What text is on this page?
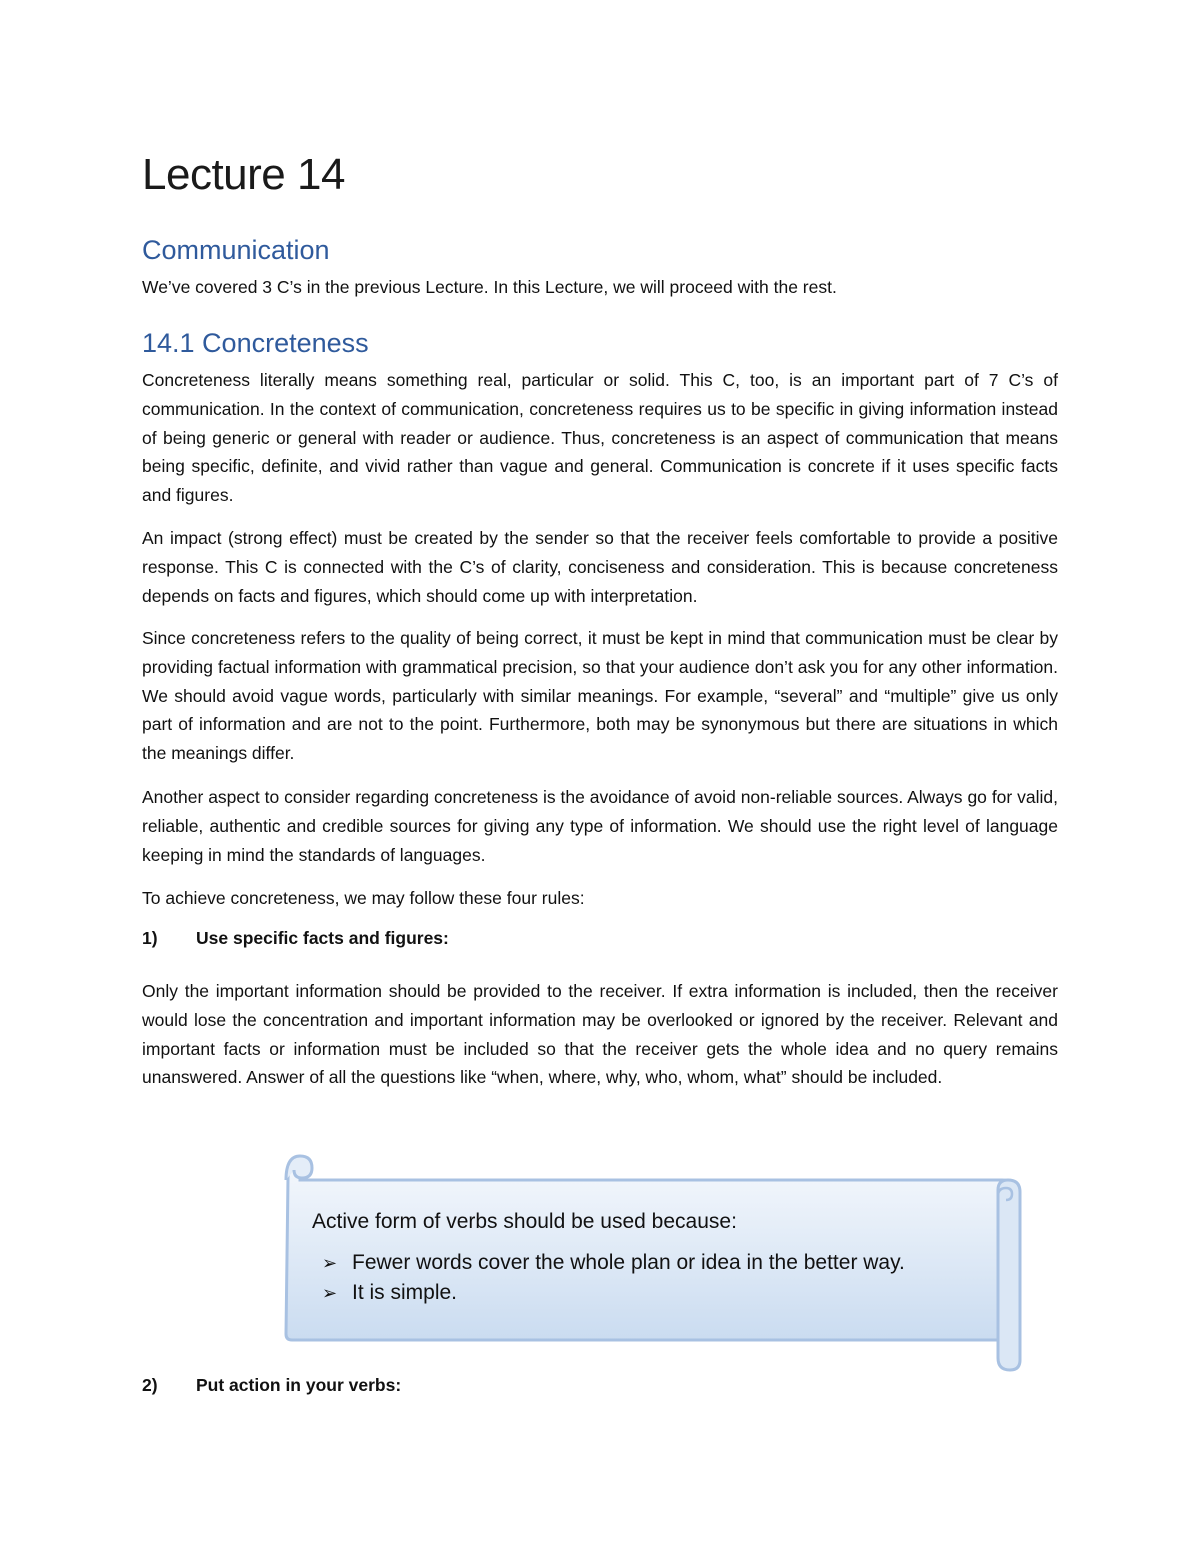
Lecture 14
Communication

We’ve covered 3 C’s in the previous Lecture. In this Lecture, we will proceed with the rest.

14.1 Concreteness

Concreteness literally means something real, particular or solid. This C, too, is an important part of 7 C’s of communication. In the context of communication, concreteness requires us to be specific in giving information instead of being generic or general with reader or audience. Thus, concreteness is an aspect of communication that means being specific, definite, and vivid rather than vague and general. Communication is concrete if it uses specific facts and figures.

An impact (strong effect) must be created by the sender so that the receiver feels comfortable to provide a positive response. This C is connected with the C’s of clarity, conciseness and consideration. This is because concreteness depends on facts and figures, which should come up with interpretation.

Since concreteness refers to the quality of being correct, it must be kept in mind that communication must be clear by providing factual information with grammatical precision, so that your audience don’t ask you for any other information. We should avoid vague words, particularly with similar meanings. For example, “several” and “multiple” give us only part of information and are not to the point. Furthermore, both may be synonymous but there are situations in which the meanings differ.

Another aspect to consider regarding concreteness is the avoidance of avoid non-reliable sources. Always go for valid, reliable, authentic and credible sources for giving any type of information. We should use the right level of language keeping in mind the standards of languages.

To achieve concreteness, we may follow these four rules:

1) Use specific facts and figures:

Only the important information should be provided to the receiver. If extra information is included, then the receiver would lose the concentration and important information may be overlooked or ignored by the receiver. Relevant and important facts or information must be included so that the receiver gets the whole idea and no query remains unanswered. Answer of all the questions like “when, where, why, who, whom, what” should be included.

Active form of verbs should be used because:

➢ Fewer words cover the whole plan or idea in the better way.
➢ It is simple.
2) Put action in your verbs:
